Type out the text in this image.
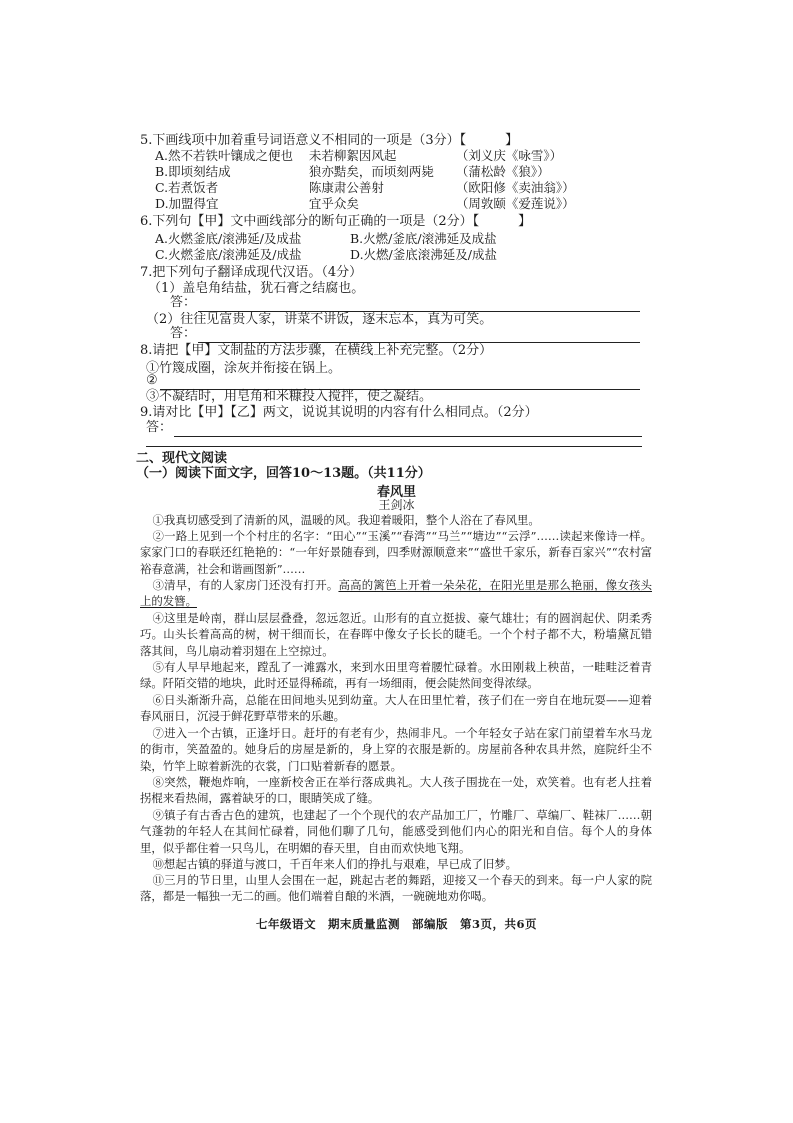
5.下画线项中加着重号词语意义不相同的一项是（3分）【　　　】
A.然不若铁叶镶成之便也	未若柳絮因风起	（刘义庆《咏雪》）
B.即顷刻结成	狼亦黠矣，而顷刻两毙	（蒲松龄《狼》）
C.若煮饭者	陈康肃公善射	（欧阳修《卖油翁》）
D.加盟得宜	宜乎众矣	（周敦颐《爱莲说》）
6.下列句【甲】文中画线部分的断句正确的一项是（2分）【　　　】
A.火燃釜底/滚沸延/及成盐	B.火燃/釜底/滚沸延及成盐
C.火燃釜底/滚沸延及/成盐	D.火燃/釜底滚沸延及/成盐
7.把下列句子翻译成现代汉语。（4分）
（1）盖皂角结盐，犹石膏之结腐也。
答：
（2）往往见富贵人家，讲菜不讲饭，逐末忘本，真为可笑。
答：
8.请把【甲】文制盐的方法步骤，在横线上补充完整。（2分）
①竹篾成圈，涂灰并衔接在锅上。
②
③不凝结时，用皂角和米糠投入搅拌，使之凝结。
9.请对比【甲】【乙】两文，说说其说明的内容有什么相同点。（2分）
答：
二、现代文阅读
（一）阅读下面文字，回答10～13题。（共11分）
春风里
王剑冰
①我真切感受到了清新的风，温暖的风。我迎着暖阳，整个人浴在了春风里。
②一路上见到一个个村庄的名字：“田心”“玉溪”“春湾”“马兰”“塘边”“云浮”……读起来像诗一样。家家门口的春联还红艳艳的：“一年好景随春到，四季财源顺意来”“盛世千家乐，新春百家兴”“农村富裕春意满，社会和谐画图新”……
③清早，有的人家房门还没有打开。高高的篱笆上开着一朵朵花，在阳光里是那么艳丽，像女孩头上的发簪。
④这里是岭南，群山层层叠叠，忽远忽近。山形有的直立挺拔、豪气雄壮；有的圆润起伏、阴柔秀巧。山头长着高高的树，树干细而长，在春晖中像女子长长的睫毛。一个个村子都不大，粉墙黛瓦错落其间，鸟儿扇动着羽翅在上空掠过。
⑤有人早早地起来，蹚乱了一滩露水，来到水田里弯着腰忙碌着。水田刚栽上秧苗，一畦畦泛着青绿。阡陌交错的地块，此时还显得稀疏，再有一场细雨，便会陡然间变得浓绿。
⑥日头渐渐升高，总能在田间地头见到幼童。大人在田里忙着，孩子们在一旁自在地玩耍——迎着春风丽日，沉浸于鲜花野草带来的乐趣。
⑦进入一个古镇，正逢圩日。赶圩的有老有少，热闹非凡。一个年轻女子站在家门前望着车水马龙的街市，笑盈盈的。她身后的房屋是新的，身上穿的衣服是新的。房屋前各种农具井然，庭院纤尘不染，竹竿上晾着新洗的衣裳，门口贴着新春的愿景。
⑧突然，鞭炮炸响，一座新校舍正在举行落成典礼。大人孩子围拢在一处，欢笑着。也有老人拄着拐棍来看热闹，露着缺牙的口，眼睛笑成了缝。
⑨镇子有古香古色的建筑，也建起了一个个现代的农产品加工厂，竹雕厂、草编厂、鞋袜厂……朝气蓬勃的年轻人在其间忙碌着，同他们聊了几句，能感受到他们内心的阳光和自信。每个人的身体里，似乎都住着一只鸟儿，在明媚的春天里，自由而欢快地飞翔。
⑩想起古镇的驿道与渡口，千百年来人们的挣扎与艰难，早已成了旧梦。
⑪三月的节日里，山里人会围在一起，跳起古老的舞蹈，迎接又一个春天的到来。每一户人家的院落，都是一幅独一无二的画。他们端着自酿的米酒，一碗碗地劝你喝。
七年级语文　期末质量监测　部编版　第3页，共6页
